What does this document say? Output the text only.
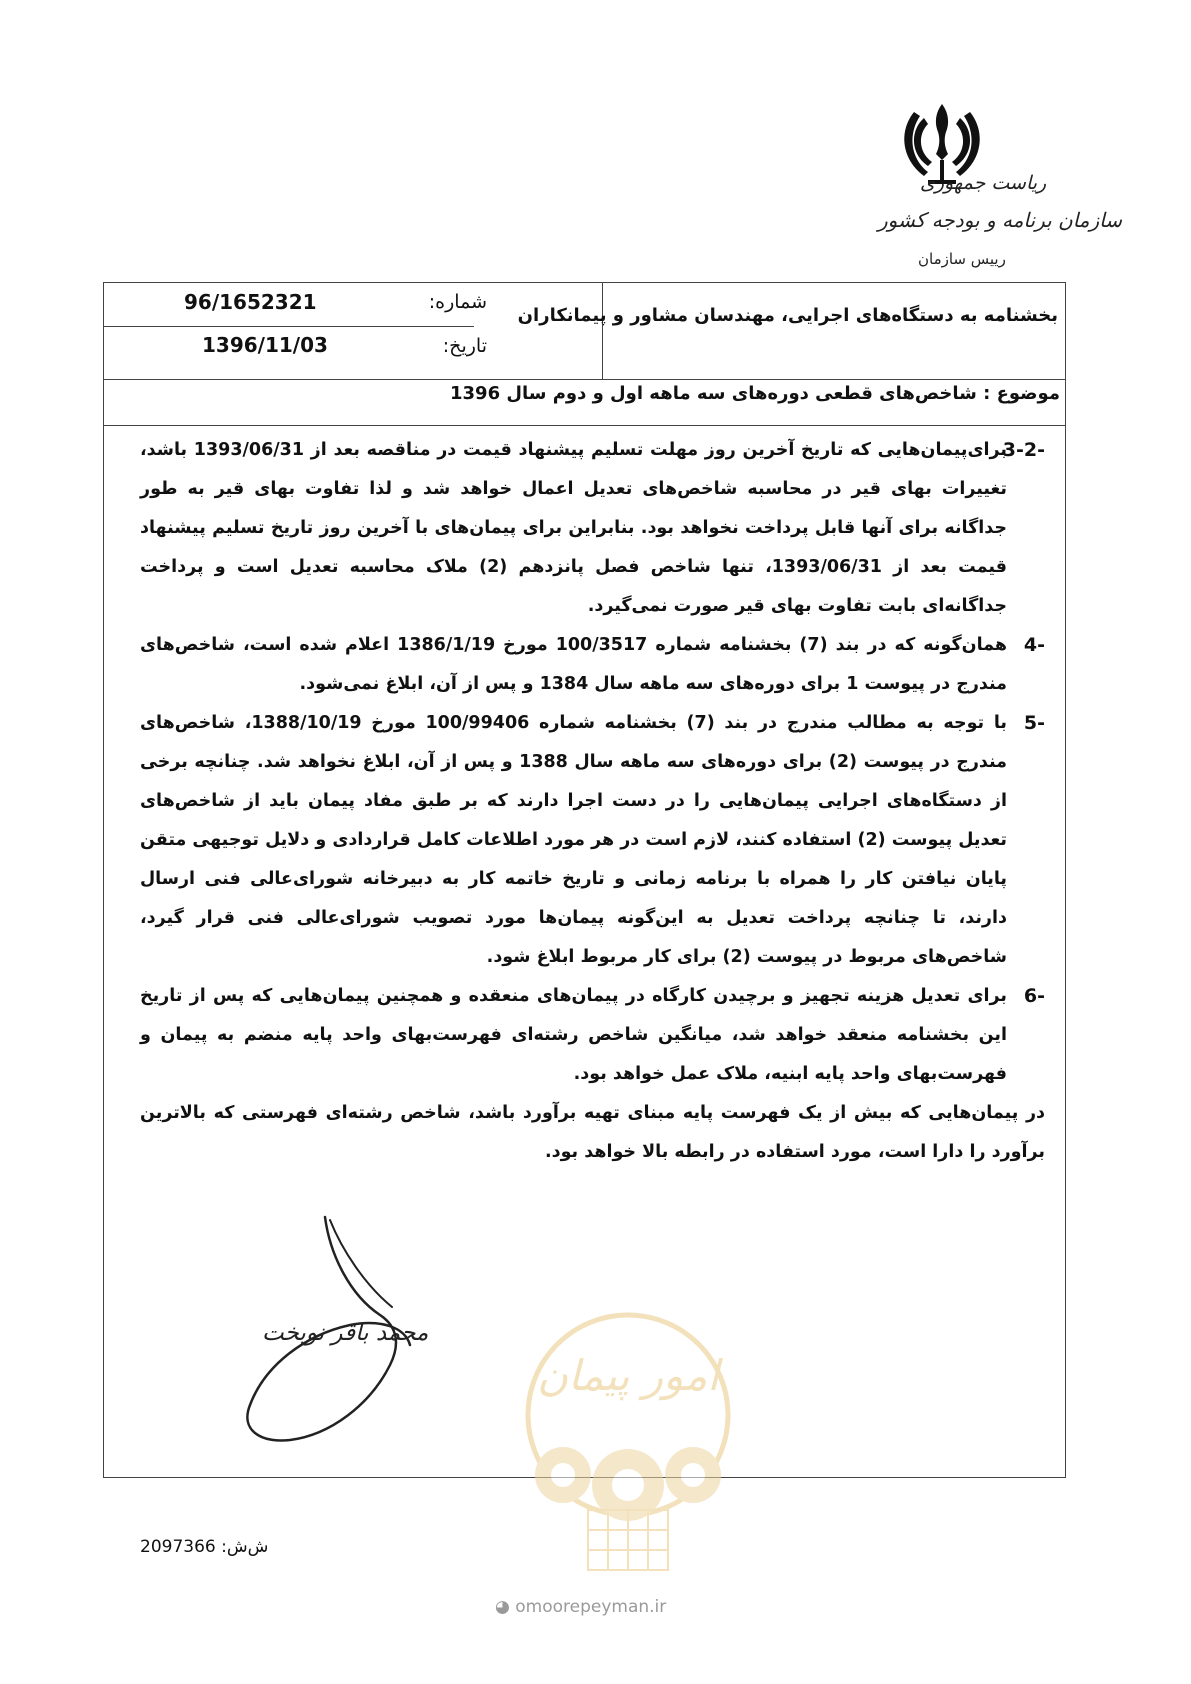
ریاست جمهوری
سازمان برنامه و بودجه کشور
رییس سازمان
شماره:
96/1652321
تاریخ:
1396/11/03
بخشنامه به دستگاه‌های اجرایی، مهندسان مشاور و پیمانکاران
موضوع : شاخص‌های قطعی دوره‌های سه ماهه اول و دوم سال 1396
3-2-
برای‌پیمان‌هایی که تاریخ آخرین روز مهلت تسلیم پیشنهاد قیمت در مناقصه بعد از 1393/06/31 باشد، تغییرات بهای قیر در محاسبه شاخص‌های تعدیل اعمال خواهد شد و لذا تفاوت بهای قیر به طور جداگانه برای آنها قابل پرداخت نخواهد بود. بنابراین برای پیمان‌های با آخرین روز تاریخ تسلیم پیشنهاد قیمت بعد از 1393/06/31، تنها شاخص فصل پانزدهم (2) ملاک محاسبه تعدیل است و پرداخت جداگانه‌ای بابت تفاوت بهای قیر صورت نمی‌گیرد.
4-
همان‌گونه که در بند (7) بخشنامه شماره 100/3517 مورخ 1386/1/19 اعلام شده است، شاخص‌های مندرج در پیوست 1 برای دوره‌های سه ماهه سال 1384 و پس از آن، ابلاغ نمی‌شود.
5-
با توجه به مطالب مندرج در بند (7) بخشنامه شماره 100/99406 مورخ 1388/10/19، شاخص‌های مندرج در پیوست (2) برای دوره‌های سه ماهه سال 1388 و پس از آن، ابلاغ نخواهد شد. چنانچه برخی از دستگاه‌های اجرایی پیمان‌هایی را در دست اجرا دارند که بر طبق مفاد پیمان باید از شاخص‌های تعدیل پیوست (2) استفاده کنند، لازم است در هر مورد اطلاعات کامل قراردادی و دلایل توجیهی متقن پایان نیافتن کار را همراه با برنامه زمانی و تاریخ خاتمه کار به دبیرخانه شورای‌عالی فنی ارسال دارند، تا چنانچه پرداخت تعدیل به این‌گونه پیمان‌ها مورد تصویب شورای‌عالی فنی قرار گیرد، شاخص‌های مربوط در پیوست (2) برای کار مربوط ابلاغ شود.
6-
برای تعدیل هزینه تجهیز و برچیدن کارگاه در پیمان‌های منعقده و همچنین پیمان‌هایی که پس از تاریخ این بخشنامه منعقد خواهد شد، میانگین شاخص رشته‌ای فهرست‌بهای واحد پایه منضم به پیمان و فهرست‌بهای واحد پایه ابنیه، ملاک عمل خواهد بود.
در پیمان‌هایی که بیش از یک فهرست پایه مبنای تهیه برآورد باشد، شاخص رشته‌ای فهرستی که بالاترین برآورد را دارا است، مورد استفاده در رابطه بالا خواهد بود.
محمد باقر نوبخت
امور پیمان
ش‌ش: 2097366
◕ omoorepeyman.ir
